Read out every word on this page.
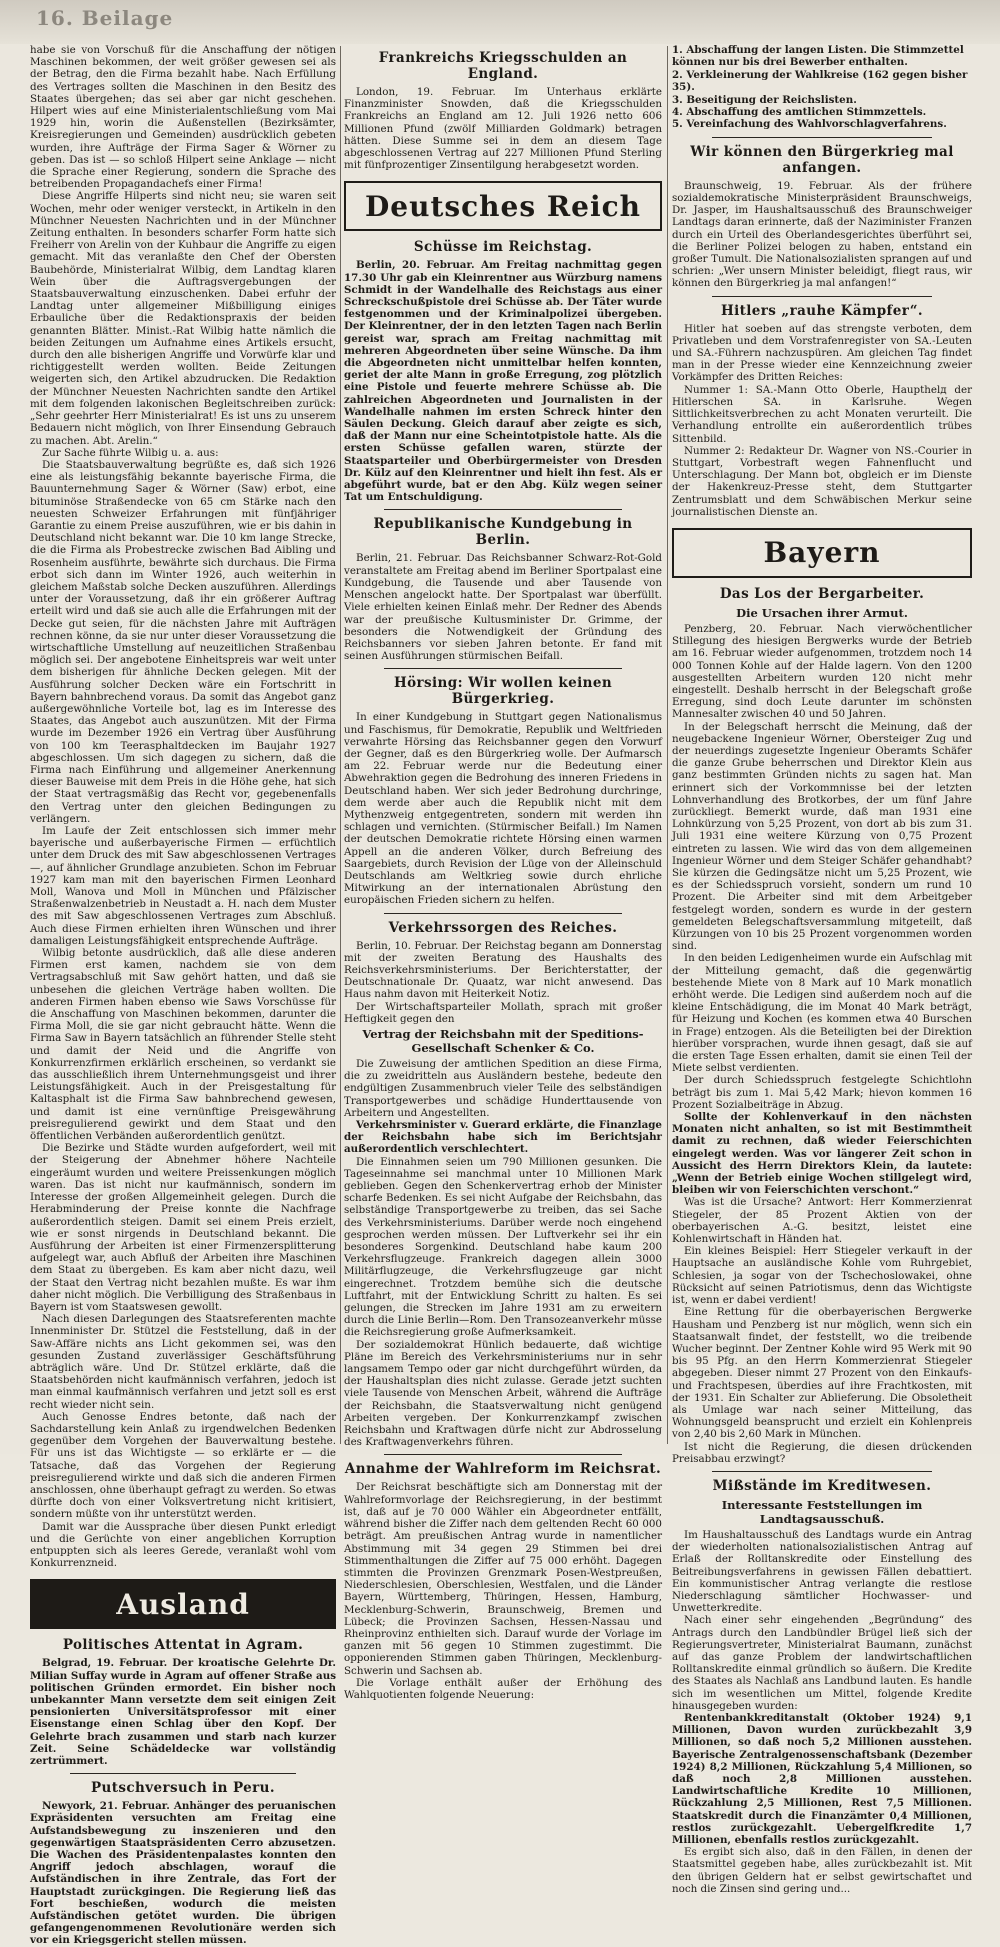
16. Beilage

habe sie von Vorschuß für die Anschaffung der nötigen Maschinen bekommen, der weit größer gewesen sei als der Betrag, den die Firma bezahlt habe. Nach Erfüllung des Vertrages sollten die Maschinen in den Besitz des Staates übergehen; das sei aber gar nicht geschehen. Hilpert wies auf eine Ministerialentschließung vom Mai 1929 hin, worin die Außenstellen (Bezirksämter, Kreisregierungen und Gemeinden) ausdrücklich gebeten wurden, ihre Aufträge der Firma Sager & Wörner zu geben. Das ist — so schloß Hilpert seine Anklage — nicht die Sprache einer Regierung, sondern die Sprache des betreibenden Propagandachefs einer Firma!

Diese Angriffe Hilperts sind nicht neu; sie waren seit Wochen, mehr oder weniger versteckt, in Artikeln in den Münchner Neuesten Nachrichten und in der Münchner Zeitung enthalten. In besonders scharfer Form hatte sich Freiherr von Arelin von der Kuhbaur die Angriffe zu eigen gemacht. Mit das veranlaßte den Chef der Obersten Baubehörde, Ministerialrat Wilbig, dem Landtag klaren Wein über die Auftragsvergebungen der Staatsbauverwaltung einzuschenken. Dabei erfuhr der Landtag unter allgemeiner Mißbilligung einiges Erbauliche über die Redaktionspraxis der beiden genannten Blätter. Minist.-Rat Wilbig hatte nämlich die beiden Zeitungen um Aufnahme eines Artikels ersucht, durch den alle bisherigen Angriffe und Vorwürfe klar und richtiggestellt werden wollten. Beide Zeitungen weigerten sich, den Artikel abzudrucken. Die Redaktion der Münchner Neuesten Nachrichten sandte den Artikel mit dem folgenden lakonischen Begleitschreiben zurück: „Sehr geehrter Herr Ministerialrat! Es ist uns zu unserem Bedauern nicht möglich, von Ihrer Einsendung Gebrauch zu machen. Abt. Arelin.“

Zur Sache führte Wilbig u. a. aus:

Die Staatsbauverwaltung begrüßte es, daß sich 1926 eine als leistungsfähig bekannte bayerische Firma, die Bauunternehmung Sager & Wörner (Saw) erbot, eine bituminöse Straßendecke von 65 cm Stärke nach den neuesten Schweizer Erfahrungen mit fünfjähriger Garantie zu einem Preise auszuführen, wie er bis dahin in Deutschland nicht bekannt war. Die 10 km lange Strecke, die die Firma als Probestrecke zwischen Bad Aibling und Rosenheim ausführte, bewährte sich durchaus. Die Firma erbot sich dann im Winter 1926, auch weiterhin in gleichem Maßstab solche Decken auszuführen. Allerdings unter der Voraussetzung, daß ihr ein größerer Auftrag erteilt wird und daß sie auch alle die Erfahrungen mit der Decke gut seien, für die nächsten Jahre mit Aufträgen rechnen könne, da sie nur unter dieser Voraussetzung die wirtschaftliche Umstellung auf neuzeitlichen Straßenbau möglich sei. Der angebotene Einheitspreis war weit unter dem bisherigen für ähnliche Decken gelegen. Mit der Ausführung solcher Decken wäre ein Fortschritt in Bayern bahnbrechend voraus. Da somit das Angebot ganz außergewöhnliche Vorteile bot, lag es im Interesse des Staates, das Angebot auch auszunützen. Mit der Firma wurde im Dezember 1926 ein Vertrag über Ausführung von 100 km Teerasphaltdecken im Baujahr 1927 abgeschlossen. Um sich dagegen zu sichern, daß die Firma nach Einführung und allgemeiner Anerkennung dieser Bauweise mit dem Preis in die Höhe gehe, hat sich der Staat vertragsmäßig das Recht vor, gegebenenfalls den Vertrag unter den gleichen Bedingungen zu verlängern.

Im Laufe der Zeit entschlossen sich immer mehr bayerische und außerbayerische Firmen — erfüchtlich unter dem Druck des mit Saw abgeschlossenen Vertrages —, auf ähnlicher Grundlage anzubieten. Schon im Februar 1927 kam man mit den bayerischen Firmen Leonhard Moll, Wanova und Moll in München und Pfälzischer Straßenwalzenbetrieb in Neustadt a. H. nach dem Muster des mit Saw abgeschlossenen Vertrages zum Abschluß. Auch diese Firmen erhielten ihren Wünschen und ihrer damaligen Leistungsfähigkeit entsprechende Aufträge.

Wilbig betonte ausdrücklich, daß alle diese anderen Firmen erst kamen, nachdem sie von dem Vertragsabschluß mit Saw gehört hatten, und daß sie unbesehen die gleichen Verträge haben wollten. Die anderen Firmen haben ebenso wie Saws Vorschüsse für die Anschaffung von Maschinen bekommen, darunter die Firma Moll, die sie gar nicht gebraucht hätte. Wenn die Firma Saw in Bayern tatsächlich an führender Stelle steht und damit der Neid und die Angriffe von Konkurrenzfirmen erklärlich erscheinen, so verdankt sie das ausschließlich ihrem Unternehmungsgeist und ihrer Leistungsfähigkeit. Auch in der Preisgestaltung für Kaltasphalt ist die Firma Saw bahnbrechend gewesen, und damit ist eine vernünftige Preisgewährung preisregulierend gewirkt und dem Staat und den öffentlichen Verbänden außerordentlich genützt.

Die Bezirke und Städte wurden aufgefordert, weil mit der Steigerung der Abnehmer höhere Nachteile eingeräumt wurden und weitere Preissenkungen möglich waren. Das ist nicht nur kaufmännisch, sondern im Interesse der großen Allgemeinheit gelegen. Durch die Herabminderung der Preise konnte die Nachfrage außerordentlich steigen. Damit sei einem Preis erzielt, wie er sonst nirgends in Deutschland bekannt. Die Ausführung der Arbeiten ist einer Firmenzersplitterung aufgelegt war, auch Abfluß der Arbeiten ihre Maschinen dem Staat zu übergeben. Es kam aber nicht dazu, weil der Staat den Vertrag nicht bezahlen mußte. Es war ihm daher nicht möglich. Die Verbilligung des Straßenbaus in Bayern ist vom Staatswesen gewollt.

Nach diesen Darlegungen des Staatsreferenten machte Innenminister Dr. Stützel die Feststellung, daß in der Saw-Affäre nichts ans Licht gekommen sei, was den gesunden Zustand zuverlässiger Geschäftsführung abträglich wäre. Und Dr. Stützel erklärte, daß die Staatsbehörden nicht kaufmännisch verfahren, jedoch ist man einmal kaufmännisch verfahren und jetzt soll es erst recht wieder nicht sein.

Auch Genosse Endres betonte, daß nach der Sachdarstellung kein Anlaß zu irgendwelchen Bedenken gegenüber dem Vorgehen der Bauverwaltung bestehe. Für uns ist das Wichtigste — so erklärte er — die Tatsache, daß das Vorgehen der Regierung preisregulierend wirkte und daß sich die anderen Firmen anschlossen, ohne überhaupt gefragt zu werden. So etwas dürfte doch von einer Volksvertretung nicht kritisiert, sondern müßte von ihr unterstützt werden.

Damit war die Aussprache über diesen Punkt erledigt und die Gerüchte von einer angeblichen Korruption entpuppten sich als leeres Gerede, veranlaßt wohl vom Konkurrenzneid.

Ausland
Politisches Attentat in Agram.

Belgrad, 19. Februar. Der kroatische Gelehrte Dr. Milian Suffay wurde in Agram auf offener Straße aus politischen Gründen ermordet. Ein bisher noch unbekannter Mann versetzte dem seit einigen Zeit pensionierten Universitätsprofessor mit einer Eisenstange einen Schlag über den Kopf. Der Gelehrte brach zusammen und starb nach kurzer Zeit. Seine Schädeldecke war vollständig zertrümmert.

Putschversuch in Peru.

Newyork, 21. Februar. Anhänger des peruanischen Expräsidenten versuchten am Freitag eine Aufstandsbewegung zu inszenieren und den gegenwärtigen Staatspräsidenten Cerro abzusetzen. Die Wachen des Präsidentenpalastes konnten den Angriff jedoch abschlagen, worauf die Aufständischen in ihre Zentrale, das Fort der Hauptstadt zurückgingen. Die Regierung ließ das Fort beschießen, wodurch die meisten Aufständischen getötet wurden. Die übrigen gefangengenommenen Revolutionäre werden sich vor ein Kriegsgericht stellen müssen.

Frankreichs Kriegsschulden an England.

London, 19. Februar. Im Unterhaus erklärte Finanzminister Snowden, daß die Kriegsschulden Frankreichs an England am 12. Juli 1926 netto 606 Millionen Pfund (zwölf Milliarden Goldmark) betragen hätten. Diese Summe sei in dem an diesem Tage abgeschlossenen Vertrag auf 227 Millionen Pfund Sterling mit fünfprozentiger Zinsentilgung herabgesetzt worden.

Deutsches Reich
Schüsse im Reichstag.

Berlin, 20. Februar. Am Freitag nachmittag gegen 17.30 Uhr gab ein Kleinrentner aus Würzburg namens Schmidt in der Wandelhalle des Reichstags aus einer Schreckschußpistole drei Schüsse ab. Der Täter wurde festgenommen und der Kriminalpolizei übergeben. Der Kleinrentner, der in den letzten Tagen nach Berlin gereist war, sprach am Freitag nachmittag mit mehreren Abgeordneten über seine Wünsche. Da ihm die Abgeordneten nicht unmittelbar helfen konnten, geriet der alte Mann in große Erregung, zog plötzlich eine Pistole und feuerte mehrere Schüsse ab. Die zahlreichen Abgeordneten und Journalisten in der Wandelhalle nahmen im ersten Schreck hinter den Säulen Deckung. Gleich darauf aber zeigte es sich, daß der Mann nur eine Scheintotpistole hatte. Als die ersten Schüsse gefallen waren, stürzte der Staatsparteiler und Oberbürgermeister von Dresden Dr. Külz auf den Kleinrentner und hielt ihn fest. Als er abgeführt wurde, bat er den Abg. Külz wegen seiner Tat um Entschuldigung.

Republikanische Kundgebung in Berlin.

Berlin, 21. Februar. Das Reichsbanner Schwarz-Rot-Gold veranstaltete am Freitag abend im Berliner Sportpalast eine Kundgebung, die Tausende und aber Tausende von Menschen angelockt hatte. Der Sportpalast war überfüllt. Viele erhielten keinen Einlaß mehr. Der Redner des Abends war der preußische Kultusminister Dr. Grimme, der besonders die Notwendigkeit der Gründung des Reichsbanners vor sieben Jahren betonte. Er fand mit seinen Ausführungen stürmischen Beifall.

Hörsing: Wir wollen keinen Bürgerkrieg.

In einer Kundgebung in Stuttgart gegen Nationalismus und Faschismus, für Demokratie, Republik und Weltfrieden verwahrte Hörsing das Reichsbanner gegen den Vorwurf der Gegner, daß es den Bürgerkrieg wolle. Der Aufmarsch am 22. Februar werde nur die Bedeutung einer Abwehraktion gegen die Bedrohung des inneren Friedens in Deutschland haben. Wer sich jeder Bedrohung durchringe, dem werde aber auch die Republik nicht mit dem Mythenzweig entgegentreten, sondern mit werden ihn schlagen und vernichten. (Stürmischer Beifall.) Im Namen der deutschen Demokratie richtete Hörsing einen warmen Appell an die anderen Völker, durch Befreiung des Saargebiets, durch Revision der Lüge von der Alleinschuld Deutschlands am Weltkrieg sowie durch ehrliche Mitwirkung an der internationalen Abrüstung den europäischen Frieden sichern zu helfen.

Verkehrssorgen des Reiches.

Berlin, 10. Februar. Der Reichstag begann am Donnerstag mit der zweiten Beratung des Haushalts des Reichsverkehrsministeriums. Der Berichterstatter, der Deutschnationale Dr. Quaatz, war nicht anwesend. Das Haus nahm davon mit Heiterkeit Notiz.

Der Wirtschaftsparteiler Mollath, sprach mit großer Heftigkeit gegen den

Vertrag der Reichsbahn mit der Speditions-Gesellschaft Schenker & Co.

Die Zuweisung der amtlichen Spedition an diese Firma, die zu zweidritteln aus Ausländern bestehe, bedeute den endgültigen Zusammenbruch vieler Teile des selbständigen Transportgewerbes und schädige Hunderttausende von Arbeitern und Angestellten.

Verkehrsminister v. Guerard erklärte, die Finanzlage der Reichsbahn habe sich im Berichtsjahr außerordentlich verschlechtert.

Die Einnahmen seien um 790 Millionen gesunken. Die Tageseinnahme sei manchmal unter 10 Millionen Mark geblieben. Gegen den Schenkervertrag erhob der Minister scharfe Bedenken. Es sei nicht Aufgabe der Reichsbahn, das selbständige Transportgewerbe zu treiben, das sei Sache des Verkehrsministeriums. Darüber werde noch eingehend gesprochen werden müssen. Der Luftverkehr sei ihr ein besonderes Sorgenkind. Deutschland habe kaum 200 Verkehrsflugzeuge. Frankreich dagegen allein 3000 Militärflugzeuge, die Verkehrsflugzeuge gar nicht eingerechnet. Trotzdem bemühe sich die deutsche Luftfahrt, mit der Entwicklung Schritt zu halten. Es sei gelungen, die Strecken im Jahre 1931 am zu erweitern durch die Linie Berlin—Rom. Den Transozeanverkehr müsse die Reichsregierung große Aufmerksamkeit.

Der sozialdemokrat Hünlich bedauerte, daß wichtige Pläne im Bereich des Verkehrsministeriums nur in sehr langsamem Tempo oder gar nicht durchgeführt würden, da der Haushaltsplan dies nicht zulasse. Gerade jetzt suchten viele Tausende von Menschen Arbeit, während die Aufträge der Reichsbahn, die Staatsverwaltung nicht genügend Arbeiten vergeben. Der Konkurrenzkampf zwischen Reichsbahn und Kraftwagen dürfe nicht zur Abdrosselung des Kraftwagenverkehrs führen.

Annahme der Wahlreform im Reichsrat.

Der Reichsrat beschäftigte sich am Donnerstag mit der Wahlreformvorlage der Reichsregierung, in der bestimmt ist, daß auf je 70 000 Wähler ein Abgeordneter entfällt, während bisher die Ziffer nach dem geltenden Recht 60 000 beträgt. Am preußischen Antrag wurde in namentlicher Abstimmung mit 34 gegen 29 Stimmen bei drei Stimmenthaltungen die Ziffer auf 75 000 erhöht. Dagegen stimmten die Provinzen Grenzmark Posen-Westpreußen, Niederschlesien, Oberschlesien, Westfalen, und die Länder Bayern, Württemberg, Thüringen, Hessen, Hamburg, Mecklenburg-Schwerin, Braunschweig, Bremen und Lübeck; die Provinzen Sachsen, Hessen-Nassau und Rheinprovinz enthielten sich. Darauf wurde der Vorlage im ganzen mit 56 gegen 10 Stimmen zugestimmt. Die opponierenden Stimmen gaben Thüringen, Mecklenburg-Schwerin und Sachsen ab.

Die Vorlage enthält außer der Erhöhung des Wahlquotienten folgende Neuerung:

1. Abschaffung der langen Listen. Die Stimmzettel können nur bis drei Bewerber enthalten.
2. Verkleinerung der Wahlkreise (162 gegen bisher 35).
3. Beseitigung der Reichslisten.
4. Abschaffung des amtlichen Stimmzettels.
5. Vereinfachung des Wahlvorschlagverfahrens.
Wir können den Bürgerkrieg mal anfangen.

Braunschweig, 19. Februar. Als der frühere sozialdemokratische Ministerpräsident Braunschweigs, Dr. Jasper, im Haushaltsausschuß des Braunschweiger Landtags daran erinnerte, daß der Naziminister Franzen durch ein Urteil des Oberlandesgerichtes überführt sei, die Berliner Polizei belogen zu haben, entstand ein großer Tumult. Die Nationalsozialisten sprangen auf und schrien: „Wer unsern Minister beleidigt, fliegt raus, wir können den Bürgerkrieg ja mal anfangen!“

Hitlers „rauhe Kämpfer“.

Hitler hat soeben auf das strengste verboten, dem Privatleben und dem Vorstrafenregister von SA.-Leuten und SA.-Führern nachzuspüren. Am gleichen Tag findet man in der Presse wieder eine Kennzeichnung zweier Vorkämpfer des Dritten Reiches:

Nummer 1: SA.-Mann Otto Oberle, Haupthelд der Hitlerschen SA. in Karlsruhe. Wegen Sittlichkeitsverbrechen zu acht Monaten verurteilt. Die Verhandlung entrollte ein außerordentlich trübes Sittenbild.

Nummer 2: Redakteur Dr. Wagner von NS.-Courier in Stuttgart, Vorbestraft wegen Fahnenflucht und Unterschlagung. Der Mann bot, obgleich er im Dienste der Hakenkreuz-Presse steht, dem Stuttgarter Zentrumsblatt und dem Schwäbischen Merkur seine journalistischen Dienste an.

Bayern
Das Los der Bergarbeiter.
Die Ursachen ihrer Armut.

Penzberg, 20. Februar. Nach vierwöchentlicher Stillegung des hiesigen Bergwerks wurde der Betrieb am 16. Februar wieder aufgenommen, trotzdem noch 14 000 Tonnen Kohle auf der Halde lagern. Von den 1200 ausgestellten Arbeitern wurden 120 nicht mehr eingestellt. Deshalb herrscht in der Belegschaft große Erregung, sind doch Leute darunter im schönsten Mannesalter zwischen 40 und 50 Jahren.

In der Belegschaft herrscht die Meinung, daß der neugebackene Ingenieur Wörner, Obersteiger Zug und der neuerdings zugesetzte Ingenieur Oberamts Schäfer die ganze Grube beherrschen und Direktor Klein aus ganz bestimmten Gründen nichts zu sagen hat. Man erinnert sich der Vorkommnisse bei der letzten Lohnverhandlung des Brotkorbes, der um fünf Jahre zurückliegt. Bemerkt wurde, daß man 1931 eine Lohnkürzung von 5,25 Prozent, von dort ab bis zum 31. Juli 1931 eine weitere Kürzung von 0,75 Prozent eintreten zu lassen. Wie wird das von dem allgemeinen Ingenieur Wörner und dem Steiger Schäfer gehandhabt? Sie kürzen die Gedingsätze nicht um 5,25 Prozent, wie es der Schiedsspruch vorsieht, sondern um rund 10 Prozent. Die Arbeiter sind mit dem Arbeitgeber festgelegt worden, sondern es wurde in der gestern gemeldeten Belegschaftsversammlung mitgeteilt, daß Kürzungen von 10 bis 25 Prozent vorgenommen worden sind.

In den beiden Ledigenheimen wurde ein Aufschlag mit der Mitteilung gemacht, daß die gegenwärtig bestehende Miete von 8 Mark auf 10 Mark monatlich erhöht werde. Die Ledigen sind außerdem noch auf die kleine Entschädigung, die im Monat 40 Mark beträgt, für Heizung und Kochen (es kommen etwa 40 Burschen in Frage) entzogen. Als die Beteiligten bei der Direktion hierüber vorsprachen, wurde ihnen gesagt, daß sie auf die ersten Tage Essen erhalten, damit sie einen Teil der Miete selbst verdienten.

Der durch Schiedsspruch festgelegte Schichtlohn beträgt bis zum 1. Mai 5,42 Mark; hievon kommen 16 Prozent Sozialbeiträge in Abzug.

Sollte der Kohlenverkauf in den nächsten Monaten nicht anhalten, so ist mit Bestimmtheit damit zu rechnen, daß wieder Feierschichten eingelegt werden. Was vor längerer Zeit schon in Aussicht des Herrn Direktors Klein, da lautete: „Wenn der Betrieb einige Wochen stillgelegt wird, bleiben wir von Feierschichten verschont.“

Was ist die Ursache? Antwort: Herr Kommerzienrat Stiegeler, der 85 Prozent Aktien von der oberbayerischen A.-G. besitzt, leistet eine Kohlenwirtschaft in Händen hat.

Ein kleines Beispiel: Herr Stiegeler verkauft in der Hauptsache an ausländische Kohle vom Ruhrgebiet, Schlesien, ja sogar von der Tschechoslowakei, ohne Rücksicht auf seinen Patriotismus, denn das Wichtigste ist, wenn er dabei verdient!

Eine Rettung für die oberbayerischen Bergwerke Hausham und Penzberg ist nur möglich, wenn sich ein Staatsanwalt findet, der feststellt, wo die treibende Wucher beginnt. Der Zentner Kohle wird 95 Werk mit 90 bis 95 Pfg. an den Herrn Kommerzienrat Stiegeler abgegeben. Dieser nimmt 27 Prozent von den Einkaufs- und Frachtspesen, überdies auf ihre Frachtkosten, mit der 1931. Ein Schalter zur Ablieferung. Die Obsoletheit als Umlage war nach seiner Mitteilung, das Wohnungsgeld beansprucht und erzielt ein Kohlenpreis von 2,40 bis 2,60 Mark in München.

Ist nicht die Regierung, die diesen drückenden Preisabbau erzwingt?

Mißstände im Kreditwesen.
Interessante Feststellungen im Landtagsausschuß.

Im Haushaltausschuß des Landtags wurde ein Antrag der wiederholten nationalsozialistischen Antrag auf Erlaß der Rolltanskredite oder Einstellung des Beitreibungsverfahrens in gewissen Fällen debattiert. Ein kommunistischer Antrag verlangte die restlose Niederschlagung sämtlicher Hochwasser- und Unwetterkredite.

Nach einer sehr eingehenden „Begründung“ des Antrags durch den Landbündler Brügel ließ sich der Regierungsvertreter, Ministerialrat Baumann, zunächst auf das ganze Problem der landwirtschaftlichen Rolltanskredite einmal gründlich so äußern. Die Kredite des Staates als Nachlaß ans Landbund lauten. Es handle sich im wesentlichen um Mittel, folgende Kredite hinausgegeben wurden:

Rentenbankkreditanstalt (Oktober 1924) 9,1 Millionen, Davon wurden zurückbezahlt 3,9 Millionen, so daß noch 5,2 Millionen ausstehen. Bayerische Zentralgenossenschaftsbank (Dezember 1924) 8,2 Millionen, Rückzahlung 5,4 Millionen, so daß noch 2,8 Millionen ausstehen. Landwirtschaftliche Kredite 10 Millionen, Rückzahlung 2,5 Millionen, Rest 7,5 Millionen. Staatskredit durch die Finanzämter 0,4 Millionen, restlos zurückgezahlt. Uebergelfkredite 1,7 Millionen, ebenfalls restlos zurückgezahlt.

Es ergibt sich also, daß in den Fällen, in denen der Staatsmittel gegeben habe, alles zurückbezahlt ist. Mit den übrigen Geldern hat er selbst gewirtschaftet und noch die Zinsen sind gering und...
